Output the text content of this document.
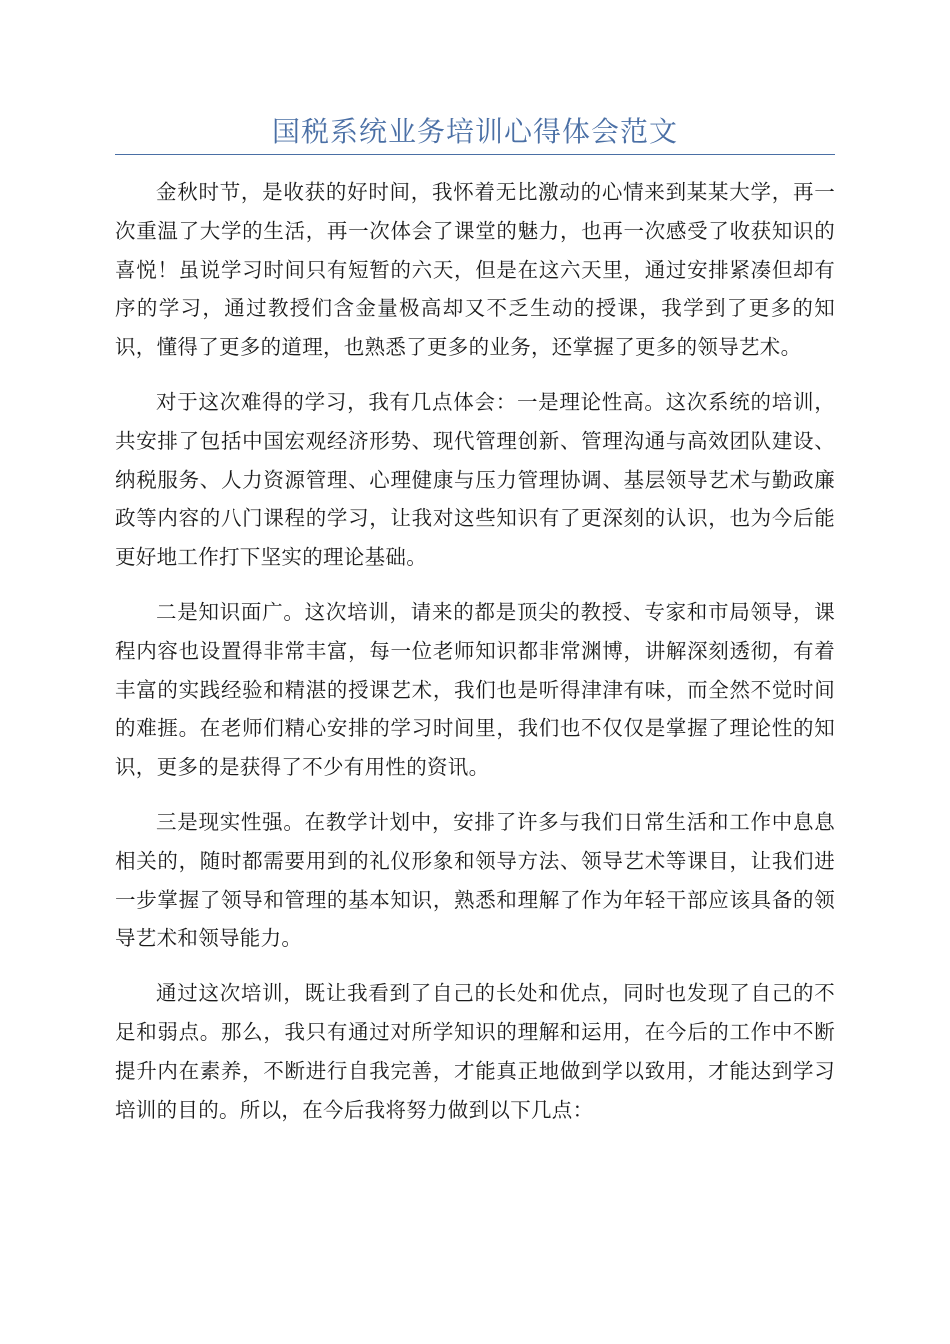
国税系统业务培训心得体会范文

金秋时节，是收获的好时间，我怀着无比激动的心情来到某某大学，再一次重温了大学的生活，再一次体会了课堂的魅力，也再一次感受了收获知识的喜悦！虽说学习时间只有短暂的六天，但是在这六天里，通过安排紧凑但却有序的学习，通过教授们含金量极高却又不乏生动的授课，我学到了更多的知识，懂得了更多的道理，也熟悉了更多的业务，还掌握了更多的领导艺术。

对于这次难得的学习，我有几点体会：一是理论性高。这次系统的培训，共安排了包括中国宏观经济形势、现代管理创新、管理沟通与高效团队建设、纳税服务、人力资源管理、心理健康与压力管理协调、基层领导艺术与勤政廉政等内容的八门课程的学习，让我对这些知识有了更深刻的认识，也为今后能更好地工作打下坚实的理论基础。

二是知识面广。这次培训，请来的都是顶尖的教授、专家和市局领导，课程内容也设置得非常丰富，每一位老师知识都非常渊博，讲解深刻透彻，有着丰富的实践经验和精湛的授课艺术，我们也是听得津津有味，而全然不觉时间的难捱。在老师们精心安排的学习时间里，我们也不仅仅是掌握了理论性的知识，更多的是获得了不少有用性的资讯。

三是现实性强。在教学计划中，安排了许多与我们日常生活和工作中息息相关的，随时都需要用到的礼仪形象和领导方法、领导艺术等课目，让我们进一步掌握了领导和管理的基本知识，熟悉和理解了作为年轻干部应该具备的领导艺术和领导能力。

通过这次培训，既让我看到了自己的长处和优点，同时也发现了自己的不足和弱点。那么，我只有通过对所学知识的理解和运用，在今后的工作中不断提升内在素养，不断进行自我完善，才能真正地做到学以致用，才能达到学习培训的目的。所以，在今后我将努力做到以下几点：
